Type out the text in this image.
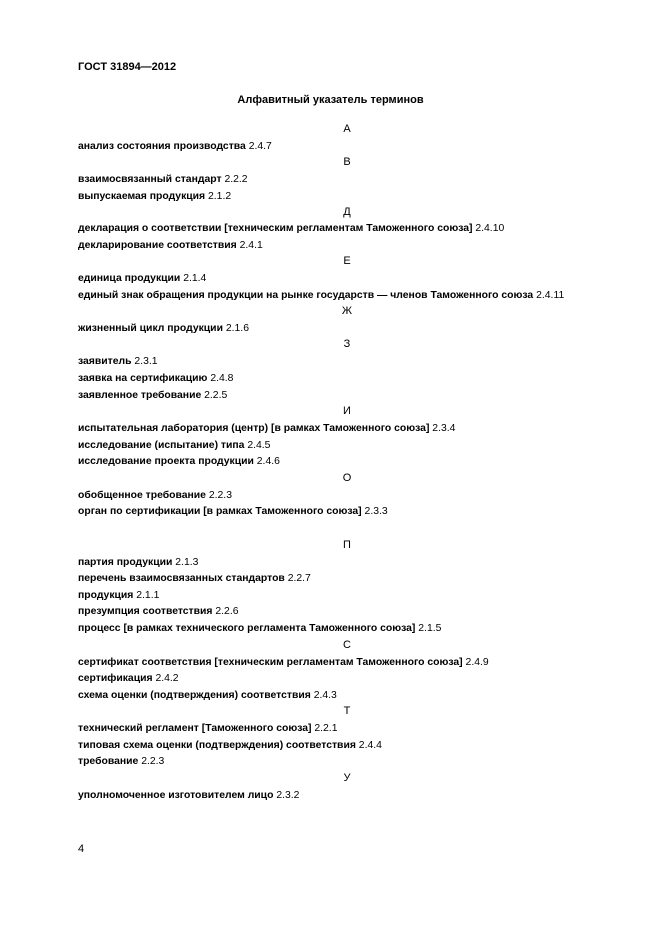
ГОСТ 31894—2012
Алфавитный указатель терминов
А
анализ состояния производства 2.4.7
В
взаимосвязанный стандарт 2.2.2
выпускаемая продукция 2.1.2
Д
декларация о соответствии [техническим регламентам Таможенного союза] 2.4.10
декларирование соответствия 2.4.1
Е
единица продукции 2.1.4
единый знак обращения продукции на рынке государств — членов Таможенного союза 2.4.11
Ж
жизненный цикл продукции 2.1.6
З
заявитель 2.3.1
заявка на сертификацию 2.4.8
заявленное требование 2.2.5
И
испытательная лаборатория (центр) [в рамках Таможенного союза] 2.3.4
исследование (испытание) типа 2.4.5
исследование проекта продукции 2.4.6
О
обобщенное требование 2.2.3
орган по сертификации [в рамках Таможенного союза] 2.3.3
П
партия продукции 2.1.3
перечень взаимосвязанных стандартов 2.2.7
продукция 2.1.1
презумпция соответствия 2.2.6
процесс [в рамках технического регламента Таможенного союза] 2.1.5
С
сертификат соответствия [техническим регламентам Таможенного союза] 2.4.9
сертификация 2.4.2
схема оценки (подтверждения) соответствия 2.4.3
Т
технический регламент [Таможенного союза] 2.2.1
типовая схема оценки (подтверждения) соответствия 2.4.4
требование 2.2.3
У
уполномоченное изготовителем лицо 2.3.2
4
